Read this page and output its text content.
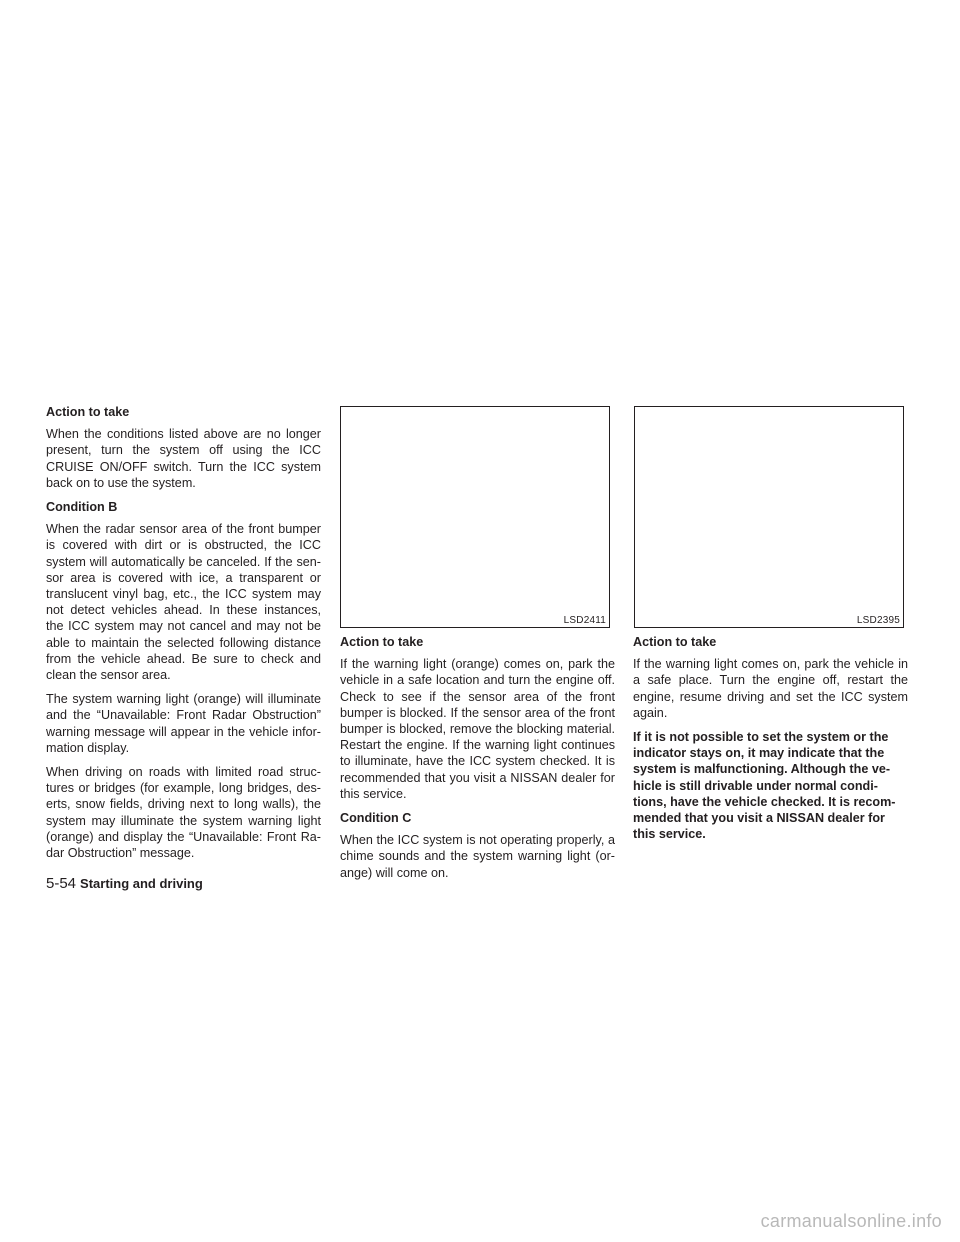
Action to take

When the conditions listed above are no longer present, turn the system off using the ICC CRUISE ON/OFF switch. Turn the ICC system back on to use the system.

Condition B

When the radar sensor area of the front bumper is covered with dirt or is obstructed, the ICC system will automatically be canceled. If the sen- sor area is covered with ice, a transparent or translucent vinyl bag, etc., the ICC system may not detect vehicles ahead. In these instances, the ICC system may not cancel and may not be able to maintain the selected following distance from the vehicle ahead. Be sure to check and clean the sensor area.

The system warning light (orange) will illuminate and the “Unavailable: Front Radar Obstruction” warning message will appear in the vehicle infor- mation display.

When driving on roads with limited road struc- tures or bridges (for example, long bridges, des- erts, snow fields, driving next to long walls), the system may illuminate the system warning light (orange) and display the “Unavailable: Front Ra- dar Obstruction” message.

LSD2411	LSD2395
Action to take

If the warning light (orange) comes on, park the vehicle in a safe location and turn the engine off. Check to see if the sensor area of the front bumper is blocked. If the sensor area of the front bumper is blocked, remove the blocking material. Restart the engine. If the warning light continues to illuminate, have the ICC system checked. It is recommended that you visit a NISSAN dealer for this service.

Condition C

When the ICC system is not operating properly, a chime sounds and the system warning light (or- ange) will come on.

Action to take

If the warning light comes on, park the vehicle in a safe place. Turn the engine off, restart the engine, resume driving and set the ICC system again.

If it is not possible to set the system or the indicator stays on, it may indicate that the system is malfunctioning. Although the ve- hicle is still drivable under normal condi- tions, have the vehicle checked. It is recom- mended that you visit a NISSAN dealer for this service.

5-54 Starting and driving
carmanualsonline.info
